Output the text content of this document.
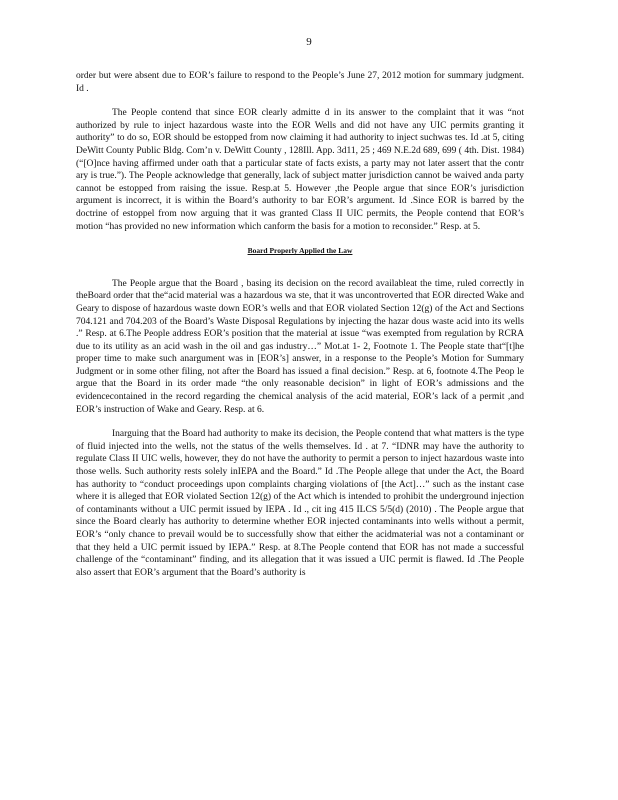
9

order but were absent due to EOR’s failure to respond to the People’s June 27, 2012 motion for summary judgment. Id .

The People contend that since EOR clearly admitte d in its answer to the complaint that it was “not authorized by rule to inject hazardous waste into the EOR Wells and did not have any UIC permits granting it authority” to do so, EOR should be estopped from now claiming it had authority to inject suchwas tes. Id .at 5, citing DeWitt County Public Bldg. Com’n v. DeWitt County , 128Ill. App. 3d11, 25 ; 469 N.E.2d 689, 699 ( 4th. Dist. 1984) (“[O]nce having affirmed under oath that a particular state of facts exists, a party may not later assert that the contr ary is true.”). The People acknowledge that generally, lack of subject matter jurisdiction cannot be waived anda party cannot be estopped from raising the issue. Resp.at 5. However ,the People argue that since EOR’s jurisdiction argument is incorrect, it is within the Board’s authority to bar EOR’s argument. Id .Since EOR is barred by the doctrine of estoppel from now arguing that it was granted Class II UIC permits, the People contend that EOR’s motion “has provided no new information which canform the basis for a motion to reconsider.” Resp. at 5.

Board Properly Applied the Law

The People argue that the Board , basing its decision on the record availableat the time, ruled correctly in theBoard order that the“acid material was a hazardous wa ste, that it was uncontroverted that EOR directed Wake and Geary to dispose of hazardous waste down EOR’s wells and that EOR violated Section 12(g) of the Act and Sections 704.121 and 704.203 of the Board’s Waste Disposal Regulations by injecting the hazar dous waste acid into its wells .” Resp. at 6.The People address EOR’s position that the material at issue “was exempted from regulation by RCRA due to its utility as an acid wash in the oil and gas industry…” Mot.at 1- 2, Footnote 1. The People state that“[t]he proper time to make such anargument was in [EOR’s] answer, in a response to the People’s Motion for Summary Judgment or in some other filing, not after the Board has issued a final decision.” Resp. at 6, footnote 4.The Peop le argue that the Board in its order made “the only reasonable decision” in light of EOR’s admissions and the evidencecontained in the record regarding the chemical analysis of the acid material, EOR’s lack of a permit ,and EOR’s instruction of Wake and Geary. Resp. at 6.

Inarguing that the Board had authority to make its decision, the People contend that what matters is the type of fluid injected into the wells, not the status of the wells themselves. Id . at 7. “IDNR may have the authority to regulate Class II UIC wells, however, they do not have the authority to permit a person to inject hazardous waste into those wells. Such authority rests solely inIEPA and the Board.” Id .The People allege that under the Act, the Board has authority to “conduct proceedings upon complaints charging violations of [the Act]…” such as the instant case where it is alleged that EOR violated Section 12(g) of the Act which is intended to prohibit the underground injection of contaminants without a UIC permit issued by IEPA . Id ., cit ing 415 ILCS 5/5(d) (2010) . The People argue that since the Board clearly has authority to determine whether EOR injected contaminants into wells without a permit, EOR’s “only chance to prevail would be to successfully show that either the acidmaterial was not a contaminant or that they held a UIC permit issued by IEPA.” Resp. at 8.The People contend that EOR has not made a successful challenge of the “contaminant” finding, and its allegation that it was issued a UIC permit is flawed. Id .The People also assert that EOR’s argument that the Board’s authority is
